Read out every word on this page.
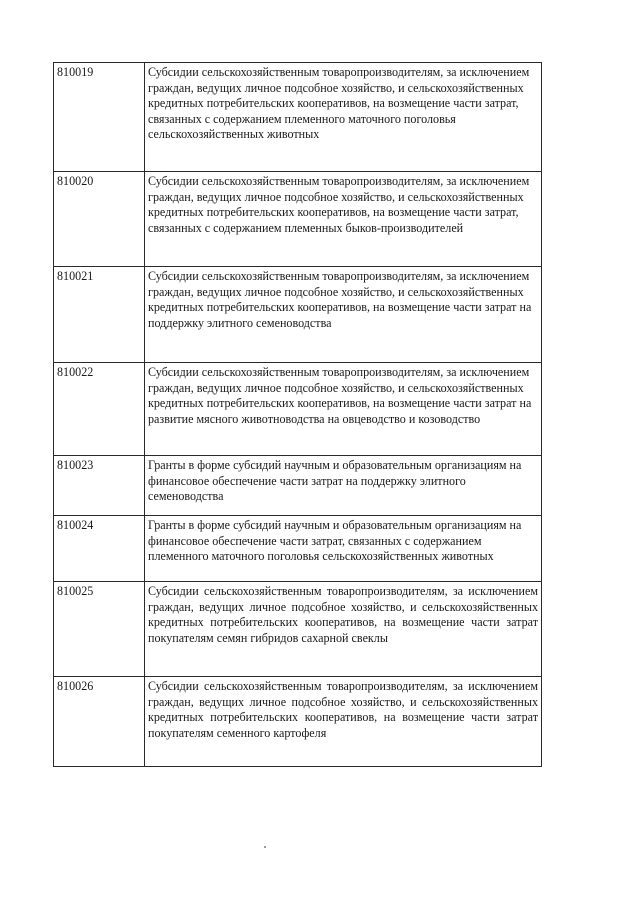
810019	Субсидии сельскохозяйственным товаропроизводителям, за исключением граждан, ведущих личное подсобное хозяйство, и сельскохозяйственных кредитных потребительских кооперативов, на возмещение части затрат, связанных с содержанием племенного маточного поголовья сельскохозяйственных животных
810020	Субсидии сельскохозяйственным товаропроизводителям, за исключением граждан, ведущих личное подсобное хозяйство, и сельскохозяйственных кредитных потребительских кооперативов, на возмещение части затрат, связанных с содержанием племенных быков-производителей
810021	Субсидии сельскохозяйственным товаропроизводителям, за исключением граждан, ведущих личное подсобное хозяйство, и сельскохозяйственных кредитных потребительских кооперативов, на возмещение части затрат на поддержку элитного семеноводства
810022	Субсидии сельскохозяйственным товаропроизводителям, за исключением граждан, ведущих личное подсобное хозяйство, и сельскохозяйственных кредитных потребительских кооперативов, на возмещение части затрат на развитие мясного животноводства на овцеводство и козоводство
810023	Гранты в форме субсидий научным и образовательным организациям на финансовое обеспечение части затрат на поддержку элитного семеноводства
810024	Гранты в форме субсидий научным и образовательным организациям на финансовое обеспечение части затрат, связанных с содержанием племенного маточного поголовья сельскохозяйственных животных
810025	Субсидии сельскохозяйственным товаропроизводителям, за исключением граждан, ведущих личное подсобное хозяйство, и сельскохозяйственных кредитных потребительских кооперативов, на возмещение части затрат покупателям семян гибридов сахарной свеклы
810026	Субсидии сельскохозяйственным товаропроизводителям, за исключением граждан, ведущих личное подсобное хозяйство, и сельскохозяйственных кредитных потребительских кооперативов, на возмещение части затрат покупателям семенного картофеля
